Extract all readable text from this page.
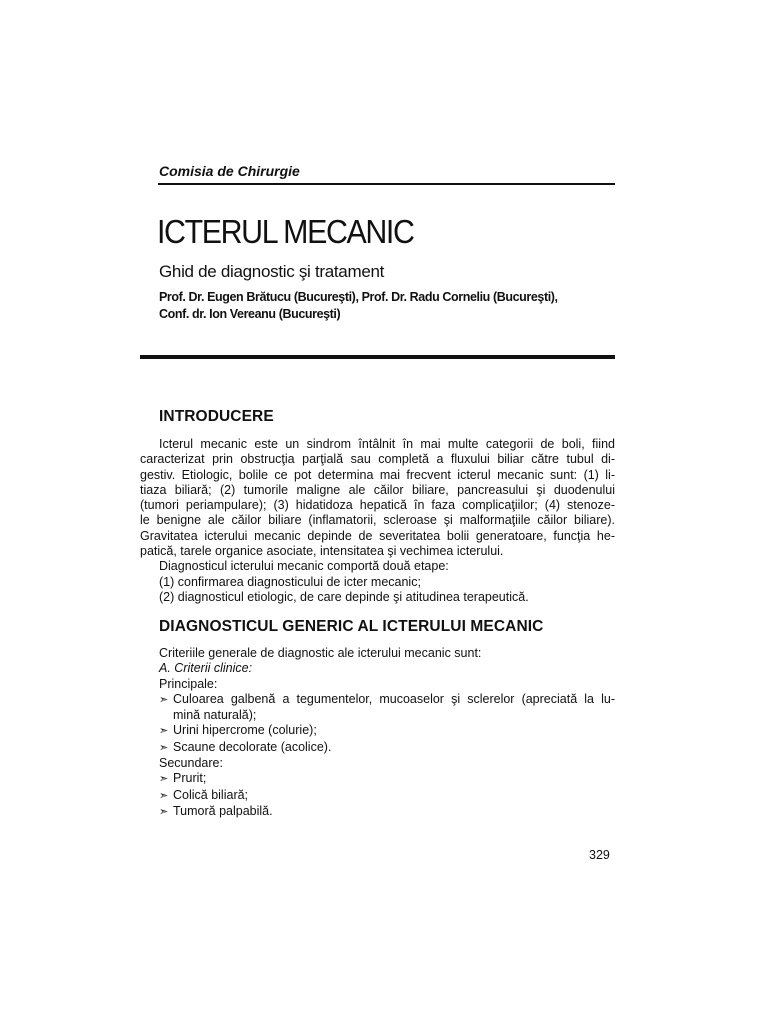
Comisia de Chirurgie
ICTERUL MECANIC
Ghid de diagnostic şi tratament
Prof. Dr. Eugen Brătucu (Bucureşti), Prof. Dr. Radu Corneliu (Bucureşti),
Conf. dr. Ion Vereanu (Bucureşti)
INTRODUCERE
Icterul mecanic este un sindrom întâlnit în mai multe categorii de boli, fiind
caracterizat prin obstrucţia parţială sau completă a fluxului biliar către tubul di-
gestiv. Etiologic, bolile ce pot determina mai frecvent icterul mecanic sunt: (1) li-
tiaza biliară; (2) tumorile maligne ale căilor biliare, pancreasului şi duodenului
(tumori periampulare); (3) hidatidoza hepatică în faza complicaţiilor; (4) stenoze-
le benigne ale căilor biliare (inflamatorii, scleroase şi malformaţiile căilor biliare).
Gravitatea icterului mecanic depinde de severitatea bolii generatoare, funcţia he-
patică, tarele organice asociate, intensitatea şi vechimea icterului.
Diagnosticul icterului mecanic comportă două etape:
(1) confirmarea diagnosticului de icter mecanic;
(2) diagnosticul etiologic, de care depinde şi atitudinea terapeutică.
DIAGNOSTICUL GENERIC AL ICTERULUI MECANIC
Criteriile generale de diagnostic ale icterului mecanic sunt:
A. Criterii clinice:
Principale:
➣ Culoarea galbenă a tegumentelor, mucoaselor şi sclerelor (apreciată la lu-
mină naturală);
➣ Urini hipercrome (colurie);
➣ Scaune decolorate (acolice).
Secundare:
➣ Prurit;
➣ Colică biliară;
➣ Tumoră palpabilă.
329
